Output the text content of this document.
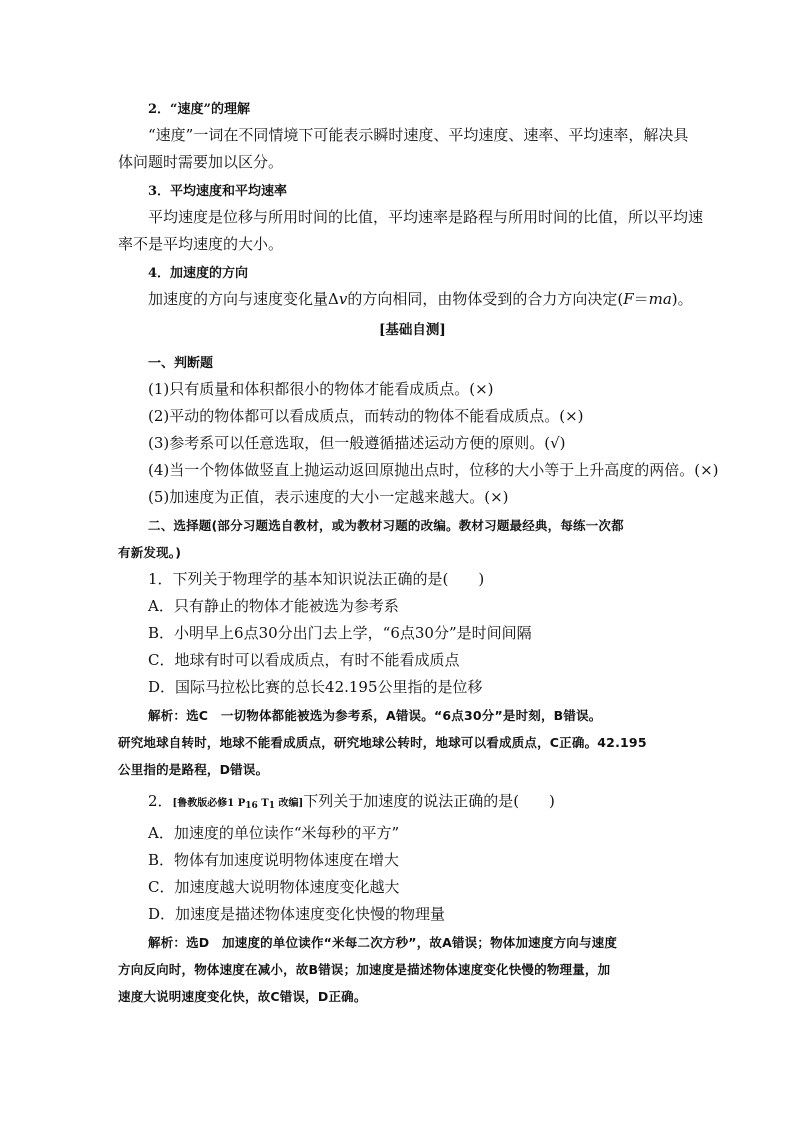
2．“速度”的理解
“速度”一词在不同情境下可能表示瞬时速度、平均速度、速率、平均速率，解决具
体问题时需要加以区分。
3．平均速度和平均速率
平均速度是位移与所用时间的比值，平均速率是路程与所用时间的比值，所以平均速
率不是平均速度的大小。
4．加速度的方向
加速度的方向与速度变化量Δv的方向相同，由物体受到的合力方向决定(F＝ma)。
[基础自测]
一、判断题
(1)只有质量和体积都很小的物体才能看成质点。(×)
(2)平动的物体都可以看成质点，而转动的物体不能看成质点。(×)
(3)参考系可以任意选取，但一般遵循描述运动方便的原则。(√)
(4)当一个物体做竖直上抛运动返回原抛出点时，位移的大小等于上升高度的两倍。(×)
(5)加速度为正值，表示速度的大小一定越来越大。(×)
二、选择题(部分习题选自教材，或为教材习题的改编。教材习题最经典，每练一次都
有新发现。)
1．下列关于物理学的基本知识说法正确的是(　　)
A．只有静止的物体才能被选为参考系
B．小明早上6点30分出门去上学，“6点30分”是时间间隔
C．地球有时可以看成质点，有时不能看成质点
D．国际马拉松比赛的总长42.195公里指的是位移
解析：选C　一切物体都能被选为参考系，A错误。“6点30分”是时刻，B错误。
研究地球自转时，地球不能看成质点，研究地球公转时，地球可以看成质点，C正确。42.195
公里指的是路程，D错误。
2．[鲁教版必修1 P16 T1 改编]下列关于加速度的说法正确的是(　　)
A．加速度的单位读作“米每秒的平方”
B．物体有加速度说明物体速度在增大
C．加速度越大说明物体速度变化越大
D．加速度是描述物体速度变化快慢的物理量
解析：选D　加速度的单位读作“米每二次方秒”，故A错误；物体加速度方向与速度
方向反向时，物体速度在减小，故B错误；加速度是描述物体速度变化快慢的物理量，加
速度大说明速度变化快，故C错误，D正确。
